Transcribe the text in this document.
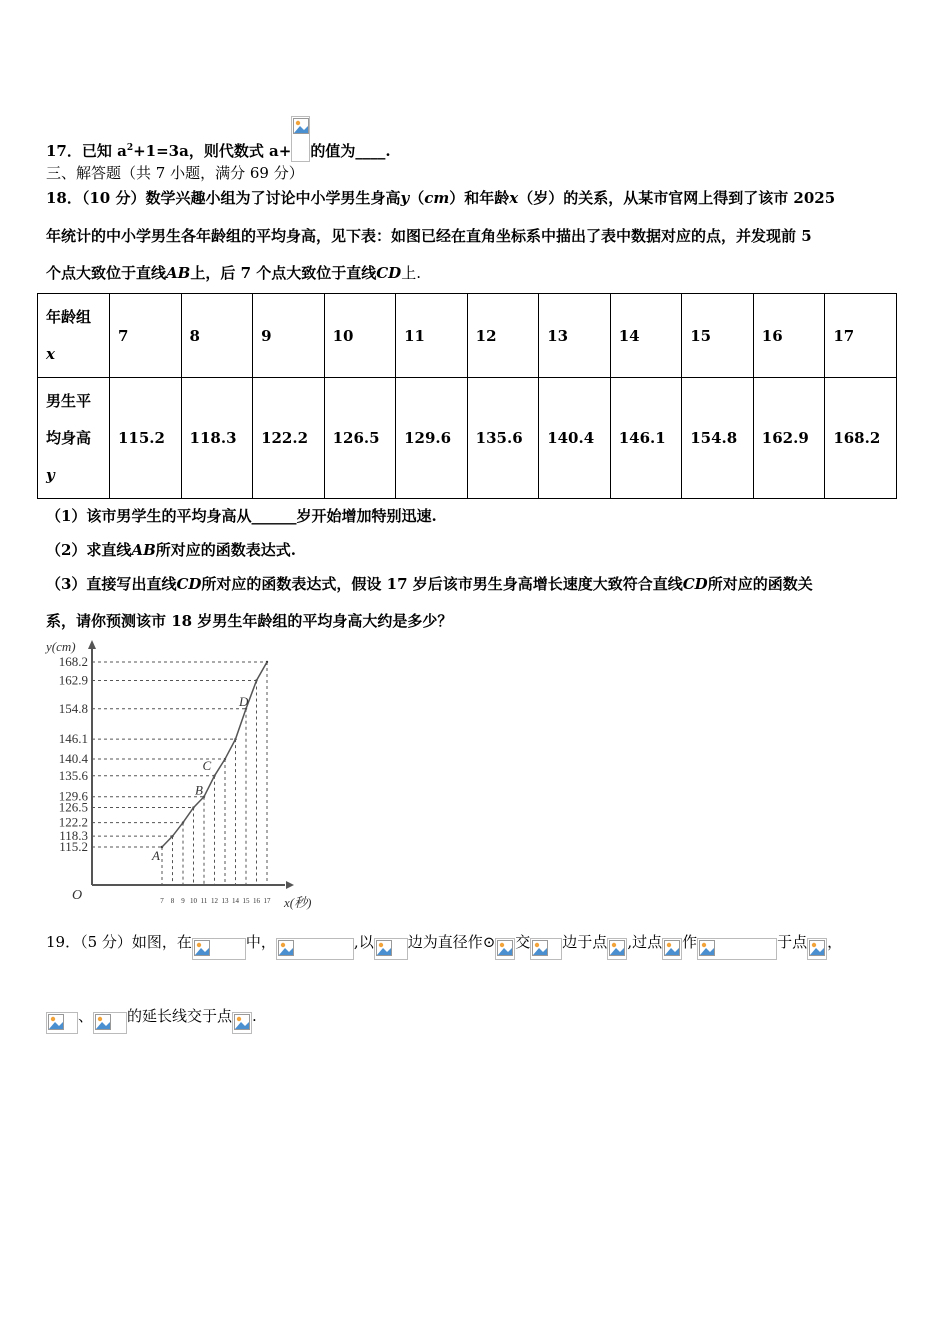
17．已知 $a^2+1=3a$，则代数式 a+ 的值为____.
三、解答题（共 7 小题，满分 69 分）
18．（10 分）数学兴趣小组为了讨论中小学男生身高y（cm）和年龄x（岁）的关系，从某市官网上得到了该市 2025
年统计的中小学男生各年龄组的平均身高，见下表：如图已经在直角坐标系中描出了表中数据对应的点，并发现前 5
个点大致位于直线AB上，后 7 个点大致位于直线CD上.
年龄组
x	7	8	9	10	11	12	13	14	15	16	17

男生平
均身高
y	115.2	118.3	122.2	126.5	129.6	135.6	140.4	146.1	154.8	162.9	168.2
（1）该市男学生的平均身高从______岁开始增加特别迅速.
（2）求直线AB所对应的函数表达式.
（3）直接写出直线CD所对应的函数表达式，假设 17 岁后该市男生身高增长速度大致符合直线CD所对应的函数关
系，请你预测该市 18 岁男生年龄组的平均身高大约是多少？
115.2
118.3
122.2
126.5
129.6
135.6
140.4
146.1
154.8
162.9
168.2
7 8 9 10 11 12 13 14 15 16 17
A
B
C
D
y(cm)
x(秒)
O
19．（5 分）如图，在	中，	,以 边为直径作⊙ 交 边于点 ,过点 作	于点 ，
、 的延长线交于点 .
